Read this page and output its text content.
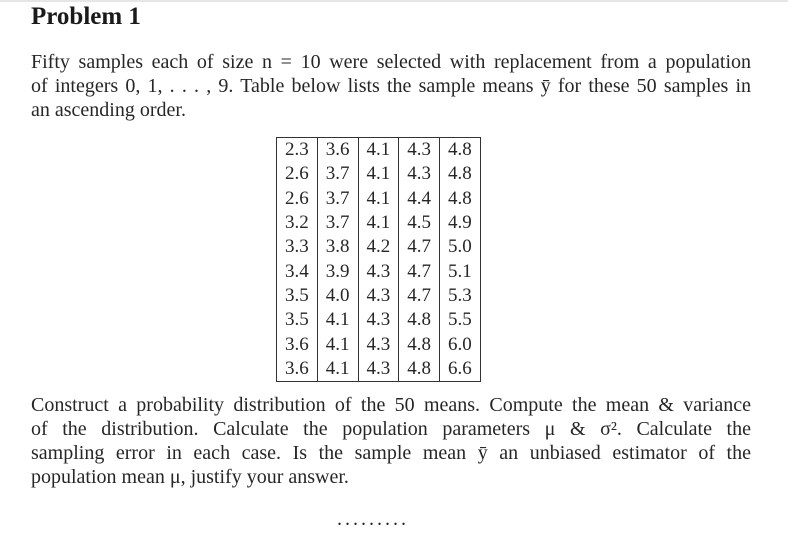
Problem 1
Fifty samples each of size n = 10 were selected with replacement from a population
of integers 0, 1, . . . , 9. Table below lists the sample means ȳ for these 50 samples in
an ascending order.
2.3	3.6	4.1	4.3	4.8
2.6	3.7	4.1	4.3	4.8
2.6	3.7	4.1	4.4	4.8
3.2	3.7	4.1	4.5	4.9
3.3	3.8	4.2	4.7	5.0
3.4	3.9	4.3	4.7	5.1
3.5	4.0	4.3	4.7	5.3
3.5	4.1	4.3	4.8	5.5
3.6	4.1	4.3	4.8	6.0
3.6	4.1	4.3	4.8	6.6
Construct a probability distribution of the 50 means. Compute the mean & variance
of the distribution. Calculate the population parameters μ & σ². Calculate the
sampling error in each case. Is the sample mean ȳ an unbiased estimator of the
population mean μ, justify your answer.
.........
